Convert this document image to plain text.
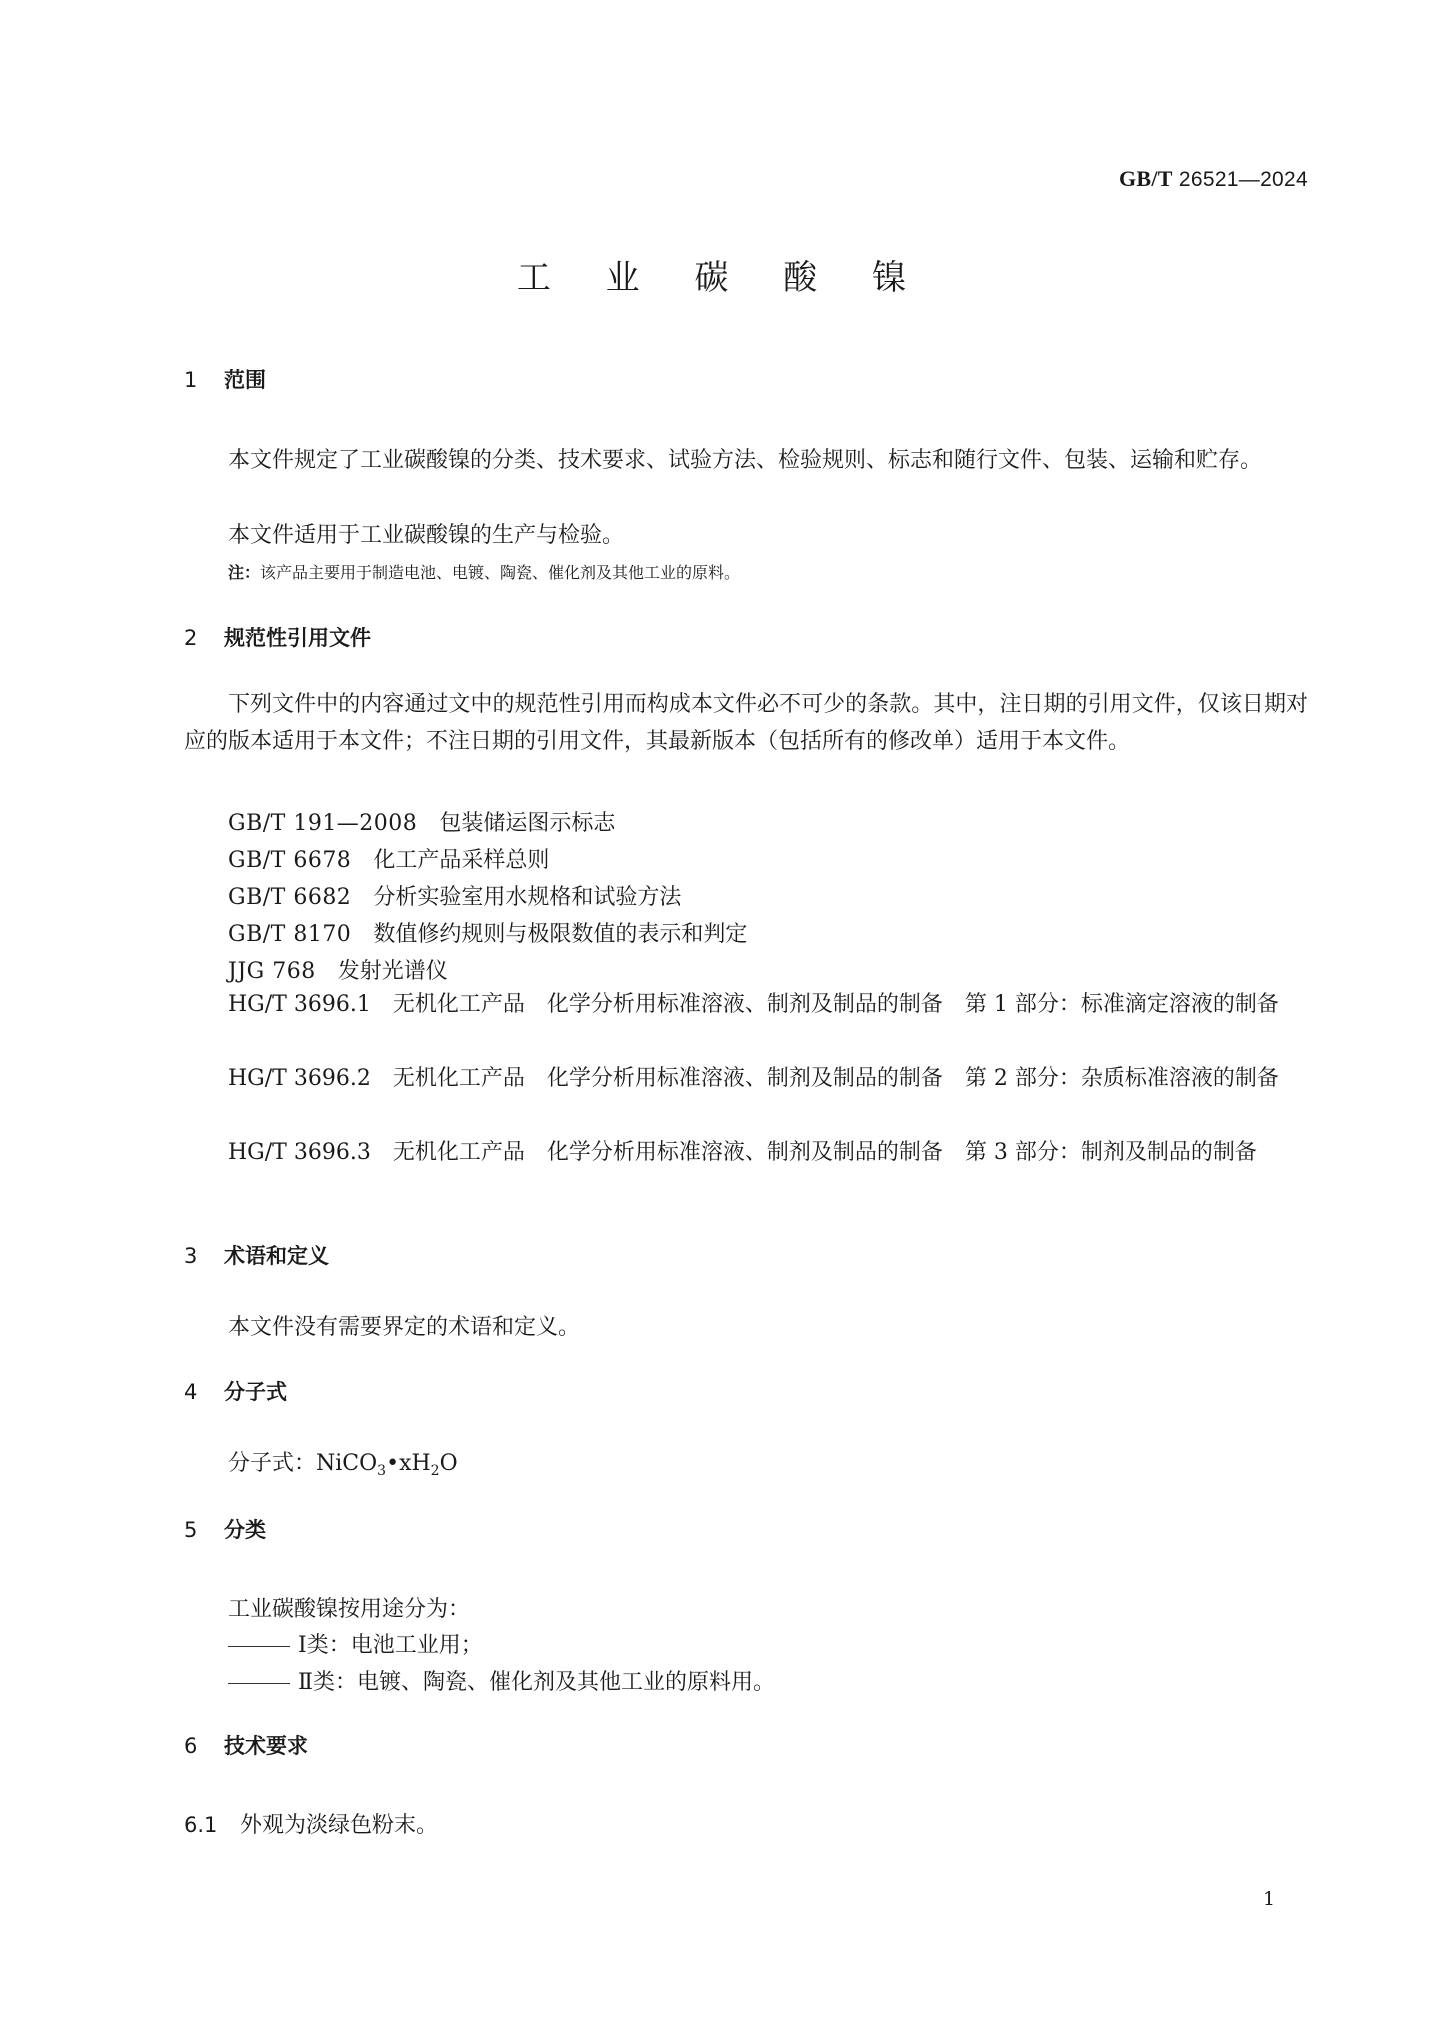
GB/T 26521—2024
工 业 碳 酸 镍
1 范围
本文件规定了工业碳酸镍的分类、技术要求、试验方法、检验规则、标志和随行文件、包装、运输和贮存。
本文件适用于工业碳酸镍的生产与检验。
注：该产品主要用于制造电池、电镀、陶瓷、催化剂及其他工业的原料。
2 规范性引用文件
下列文件中的内容通过文中的规范性引用而构成本文件必不可少的条款。其中，注日期的引用文件，仅该日期对应的版本适用于本文件；不注日期的引用文件，其最新版本（包括所有的修改单）适用于本文件。
GB/T 191—2008 包装储运图示标志
GB/T 6678 化工产品采样总则
GB/T 6682 分析实验室用水规格和试验方法
GB/T 8170 数值修约规则与极限数值的表示和判定
JJG 768 发射光谱仪
HG/T 3696.1　 无机化工产品　化学分析用标准溶液、制剂及制品的制备　第 1 部分：标准滴定溶液的制备
HG/T 3696.2　 无机化工产品　化学分析用标准溶液、制剂及制品的制备　第 2 部分：杂质标准溶液的制备
HG/T 3696.3　 无机化工产品　化学分析用标准溶液、制剂及制品的制备　第 3 部分：制剂及制品的制备
3 术语和定义
本文件没有需要界定的术语和定义。
4 分子式
分子式：$NiCO_3•xH_2O$
5 分类
工业碳酸镍按用途分为：
Ⅰ类：电池工业用；
Ⅱ类：电镀、陶瓷、催化剂及其他工业的原料用。
6 技术要求
6.1 外观为淡绿色粉末。
1
